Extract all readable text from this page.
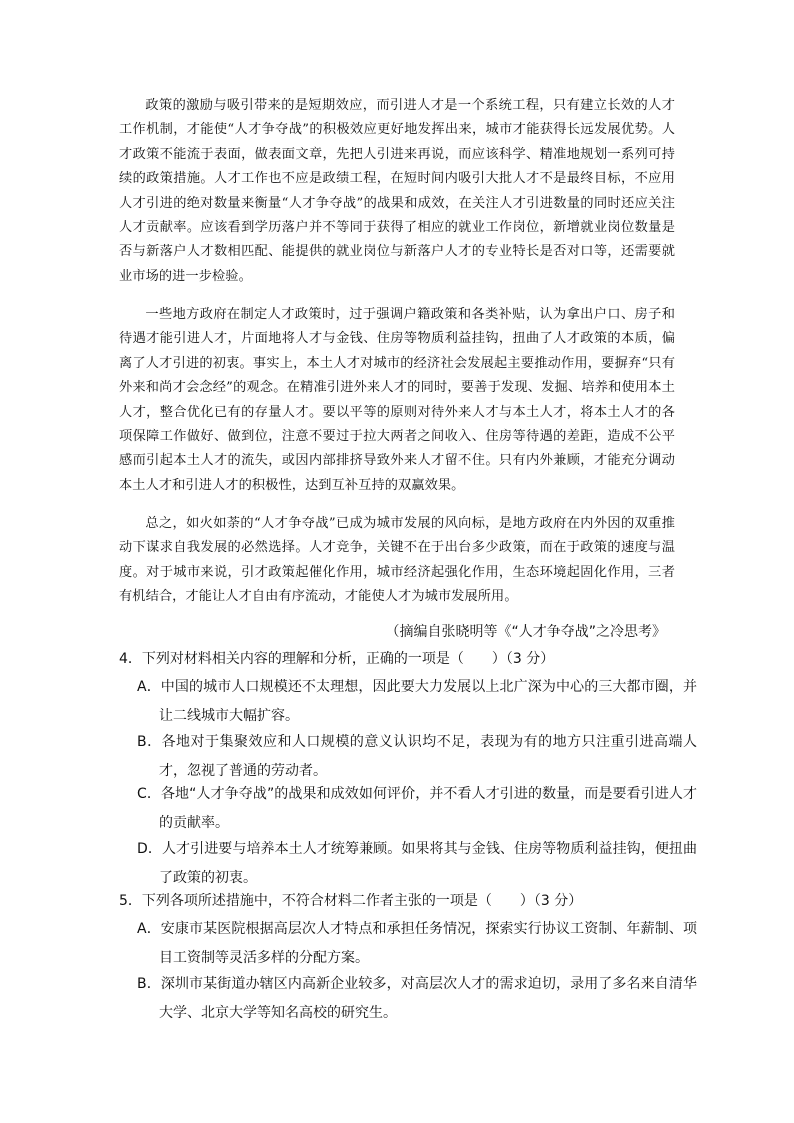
政策的激励与吸引带来的是短期效应，而引进人才是一个系统工程，只有建立长效的人才工作机制，才能使“人才争夺战”的积极效应更好地发挥出来，城市才能获得长远发展优势。人才政策不能流于表面，做表面文章，先把人引进来再说，而应该科学、精准地规划一系列可持续的政策措施。人才工作也不应是政绩工程，在短时间内吸引大批人才不是最终目标，不应用人才引进的绝对数量来衡量“人才争夺战”的战果和成效，在关注人才引进数量的同时还应关注人才贡献率。应该看到学历落户并不等同于获得了相应的就业工作岗位，新增就业岗位数量是否与新落户人才数相匹配、能提供的就业岗位与新落户人才的专业特长是否对口等，还需要就业市场的进一步检验。

一些地方政府在制定人才政策时，过于强调户籍政策和各类补贴，认为拿出户口、房子和待遇才能引进人才，片面地将人才与金钱、住房等物质利益挂钩，扭曲了人才政策的本质，偏离了人才引进的初衷。事实上，本土人才对城市的经济社会发展起主要推动作用，要摒弃“只有外来和尚才会念经”的观念。在精准引进外来人才的同时，要善于发现、发掘、培养和使用本土人才，整合优化已有的存量人才。要以平等的原则对待外来人才与本土人才，将本土人才的各项保障工作做好、做到位，注意不要过于拉大两者之间收入、住房等待遇的差距，造成不公平感而引起本土人才的流失，或因内部排挤导致外来人才留不住。只有内外兼顾，才能充分调动本土人才和引进人才的积极性，达到互补互持的双赢效果。

总之，如火如荼的“人才争夺战”已成为城市发展的风向标，是地方政府在内外因的双重推动下谋求自我发展的必然选择。人才竞争，关键不在于出台多少政策，而在于政策的速度与温度。对于城市来说，引才政策起催化作用，城市经济起强化作用，生态环境起固化作用，三者有机结合，才能让人才自由有序流动，才能使人才为城市发展所用。

（摘编自张晓明等《“人才争夺战”之冷思考》

4．下列对材料相关内容的理解和分析，正确的一项是（　　）（3 分）

A．中国的城市人口规模还不太理想，因此要大力发展以上北广深为中心的三大都市圈，并让二线城市大幅扩容。

B．各地对于集聚效应和人口规模的意义认识均不足，表现为有的地方只注重引进高端人才，忽视了普通的劳动者。

C．各地“人才争夺战”的战果和成效如何评价，并不看人才引进的数量，而是要看引进人才的贡献率。

D．人才引进要与培养本土人才统筹兼顾。如果将其与金钱、住房等物质利益挂钩，便扭曲了政策的初衷。

5．下列各项所述措施中，不符合材料二作者主张的一项是（　　）（3 分）

A．安康市某医院根据高层次人才特点和承担任务情况，探索实行协议工资制、年薪制、项目工资制等灵活多样的分配方案。

B．深圳市某街道办辖区内高新企业较多，对高层次人才的需求迫切，录用了多名来自清华大学、北京大学等知名高校的研究生。
